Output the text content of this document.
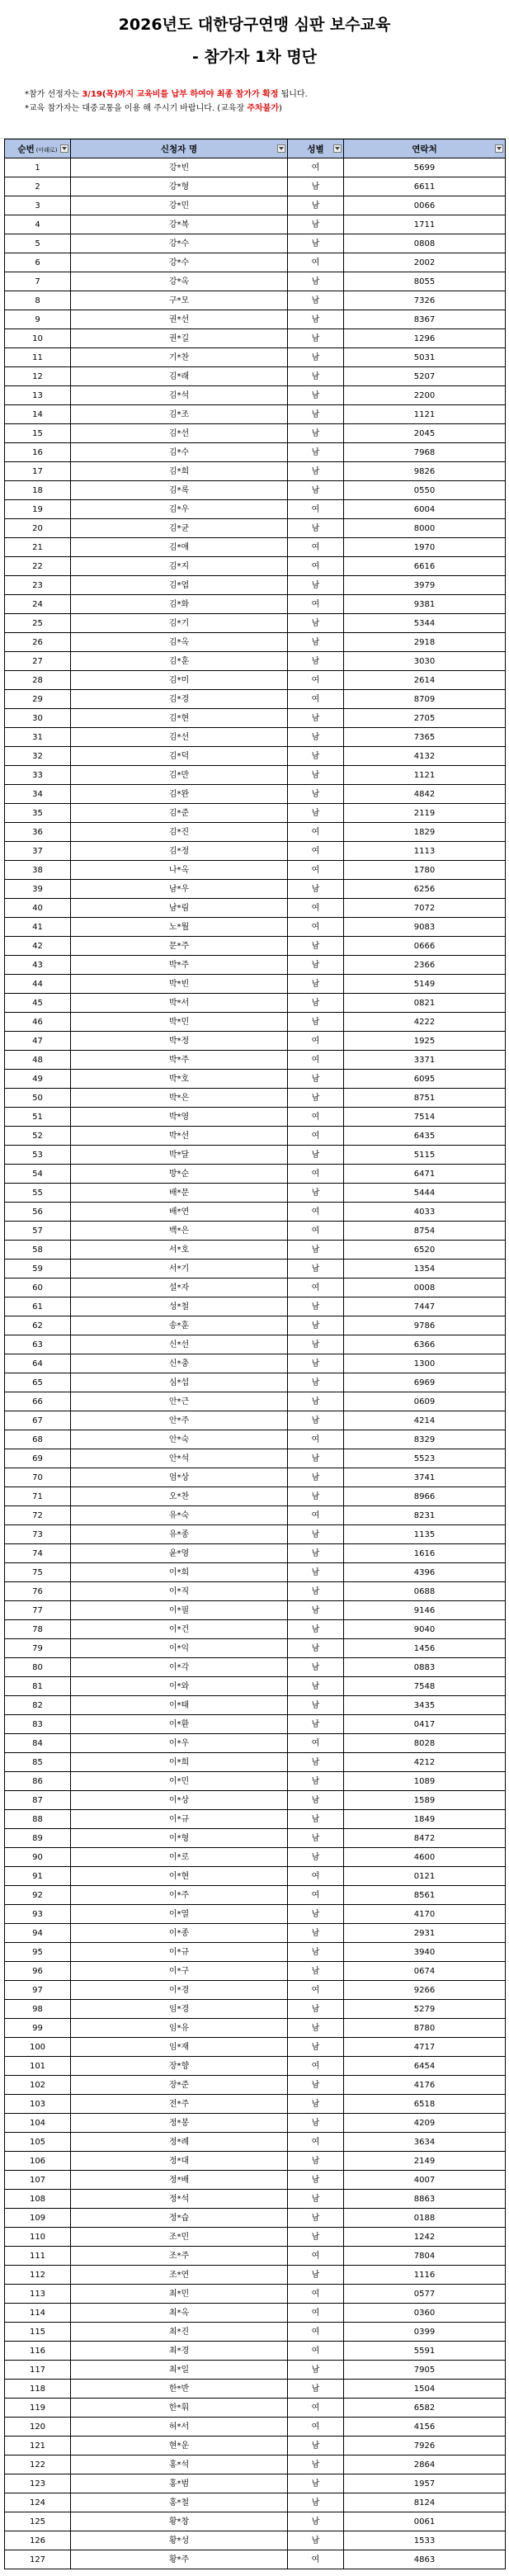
2026년도 대한당구연맹 심판 보수교육
- 참가자 1차 명단
*참가 선정자는 3/19(목)까지 교육비를 납부 하여야 최종 참가가 확정 됩니다.
*교육 참가자는 대중교통을 이용 해 주시기 바랍니다. (교육장 주차불가)
순번 (아래로)	신청자 명	성별	연락처

1	강*빈	여	5699
2	강*형	남	6611
3	강*민	남	0066
4	강*복	남	1711
5	강*수	남	0808
6	강*수	여	2002
7	강*옥	남	8055
8	구*모	남	7326
9	권*선	남	8367
10	권*길	남	1296
11	기*찬	남	5031
12	김*래	남	5207
13	김*석	남	2200
14	김*조	남	1121
15	김*선	남	2045
16	김*수	남	7968
17	김*희	남	9826
18	김*록	남	0550
19	김*우	여	6004
20	김*균	남	8000
21	김*애	여	1970
22	김*지	여	6616
23	김*엽	남	3979
24	김*화	여	9381
25	김*기	남	5344
26	김*옥	남	2918
27	김*훈	남	3030
28	김*미	여	2614
29	김*경	여	8709
30	김*현	남	2705
31	김*선	남	7365
32	김*덕	남	4132
33	김*만	남	1121
34	김*완	남	4842
35	김*준	남	2119
36	김*진	여	1829
37	김*정	여	1113
38	나*옥	여	1780
39	남*우	남	6256
40	남*림	여	7072
41	노*월	여	9083
42	문*주	남	0666
43	박*주	남	2366
44	박*빈	남	5149
45	박*서	남	0821
46	박*민	남	4222
47	박*정	여	1925
48	박*주	여	3371
49	박*호	남	6095
50	박*은	남	8751
51	박*영	여	7514
52	박*선	여	6435
53	박*달	남	5115
54	방*순	여	6471
55	배*문	남	5444
56	배*연	여	4033
57	백*은	여	8754
58	서*호	남	6520
59	서*기	남	1354
60	설*자	여	0008
61	성*철	남	7447
62	송*훈	남	9786
63	신*선	남	6366
64	신*충	남	1300
65	심*섭	남	6969
66	안*근	남	0609
67	안*주	남	4214
68	안*숙	여	8329
69	안*석	남	5523
70	엄*상	남	3741
71	오*찬	남	8966
72	유*숙	여	8231
73	유*종	남	1135
74	윤*영	남	1616
75	이*희	남	4396
76	이*직	남	0688
77	이*필	남	9146
78	이*건	남	9040
79	이*익	남	1456
80	이*각	남	0883
81	이*와	남	7548
82	이*태	남	3435
83	이*환	남	0417
84	이*우	여	8028
85	이*희	남	4212
86	이*민	남	1089
87	이*상	남	1589
88	이*규	남	1849
89	이*형	남	8472
90	이*로	남	4600
91	이*현	여	0121
92	이*주	여	8561
93	이*열	남	4170
94	이*종	남	2931
95	이*규	남	3940
96	이*구	남	0674
97	이*경	여	9266
98	임*경	남	5279
99	임*유	남	8780
100	임*재	남	4717
101	장*향	여	6454
102	장*준	남	4176
103	전*주	남	6518
104	정*봉	남	4209
105	정*례	여	3634
106	정*대	남	2149
107	정*배	남	4007
108	정*석	남	8863
109	정*습	남	0188
110	조*민	남	1242
111	조*주	여	7804
112	조*연	남	1116
113	최*민	여	0577
114	최*옥	여	0360
115	최*진	여	0399
116	최*경	여	5591
117	최*일	남	7905
118	한*반	남	1504
119	한*휘	여	6582
120	허*서	여	4156
121	현*운	남	7926
122	홍*석	남	2864
123	홍*범	남	1957
124	홍*철	남	8124
125	황*창	남	0061
126	황*성	남	1533
127	황*주	여	4863
